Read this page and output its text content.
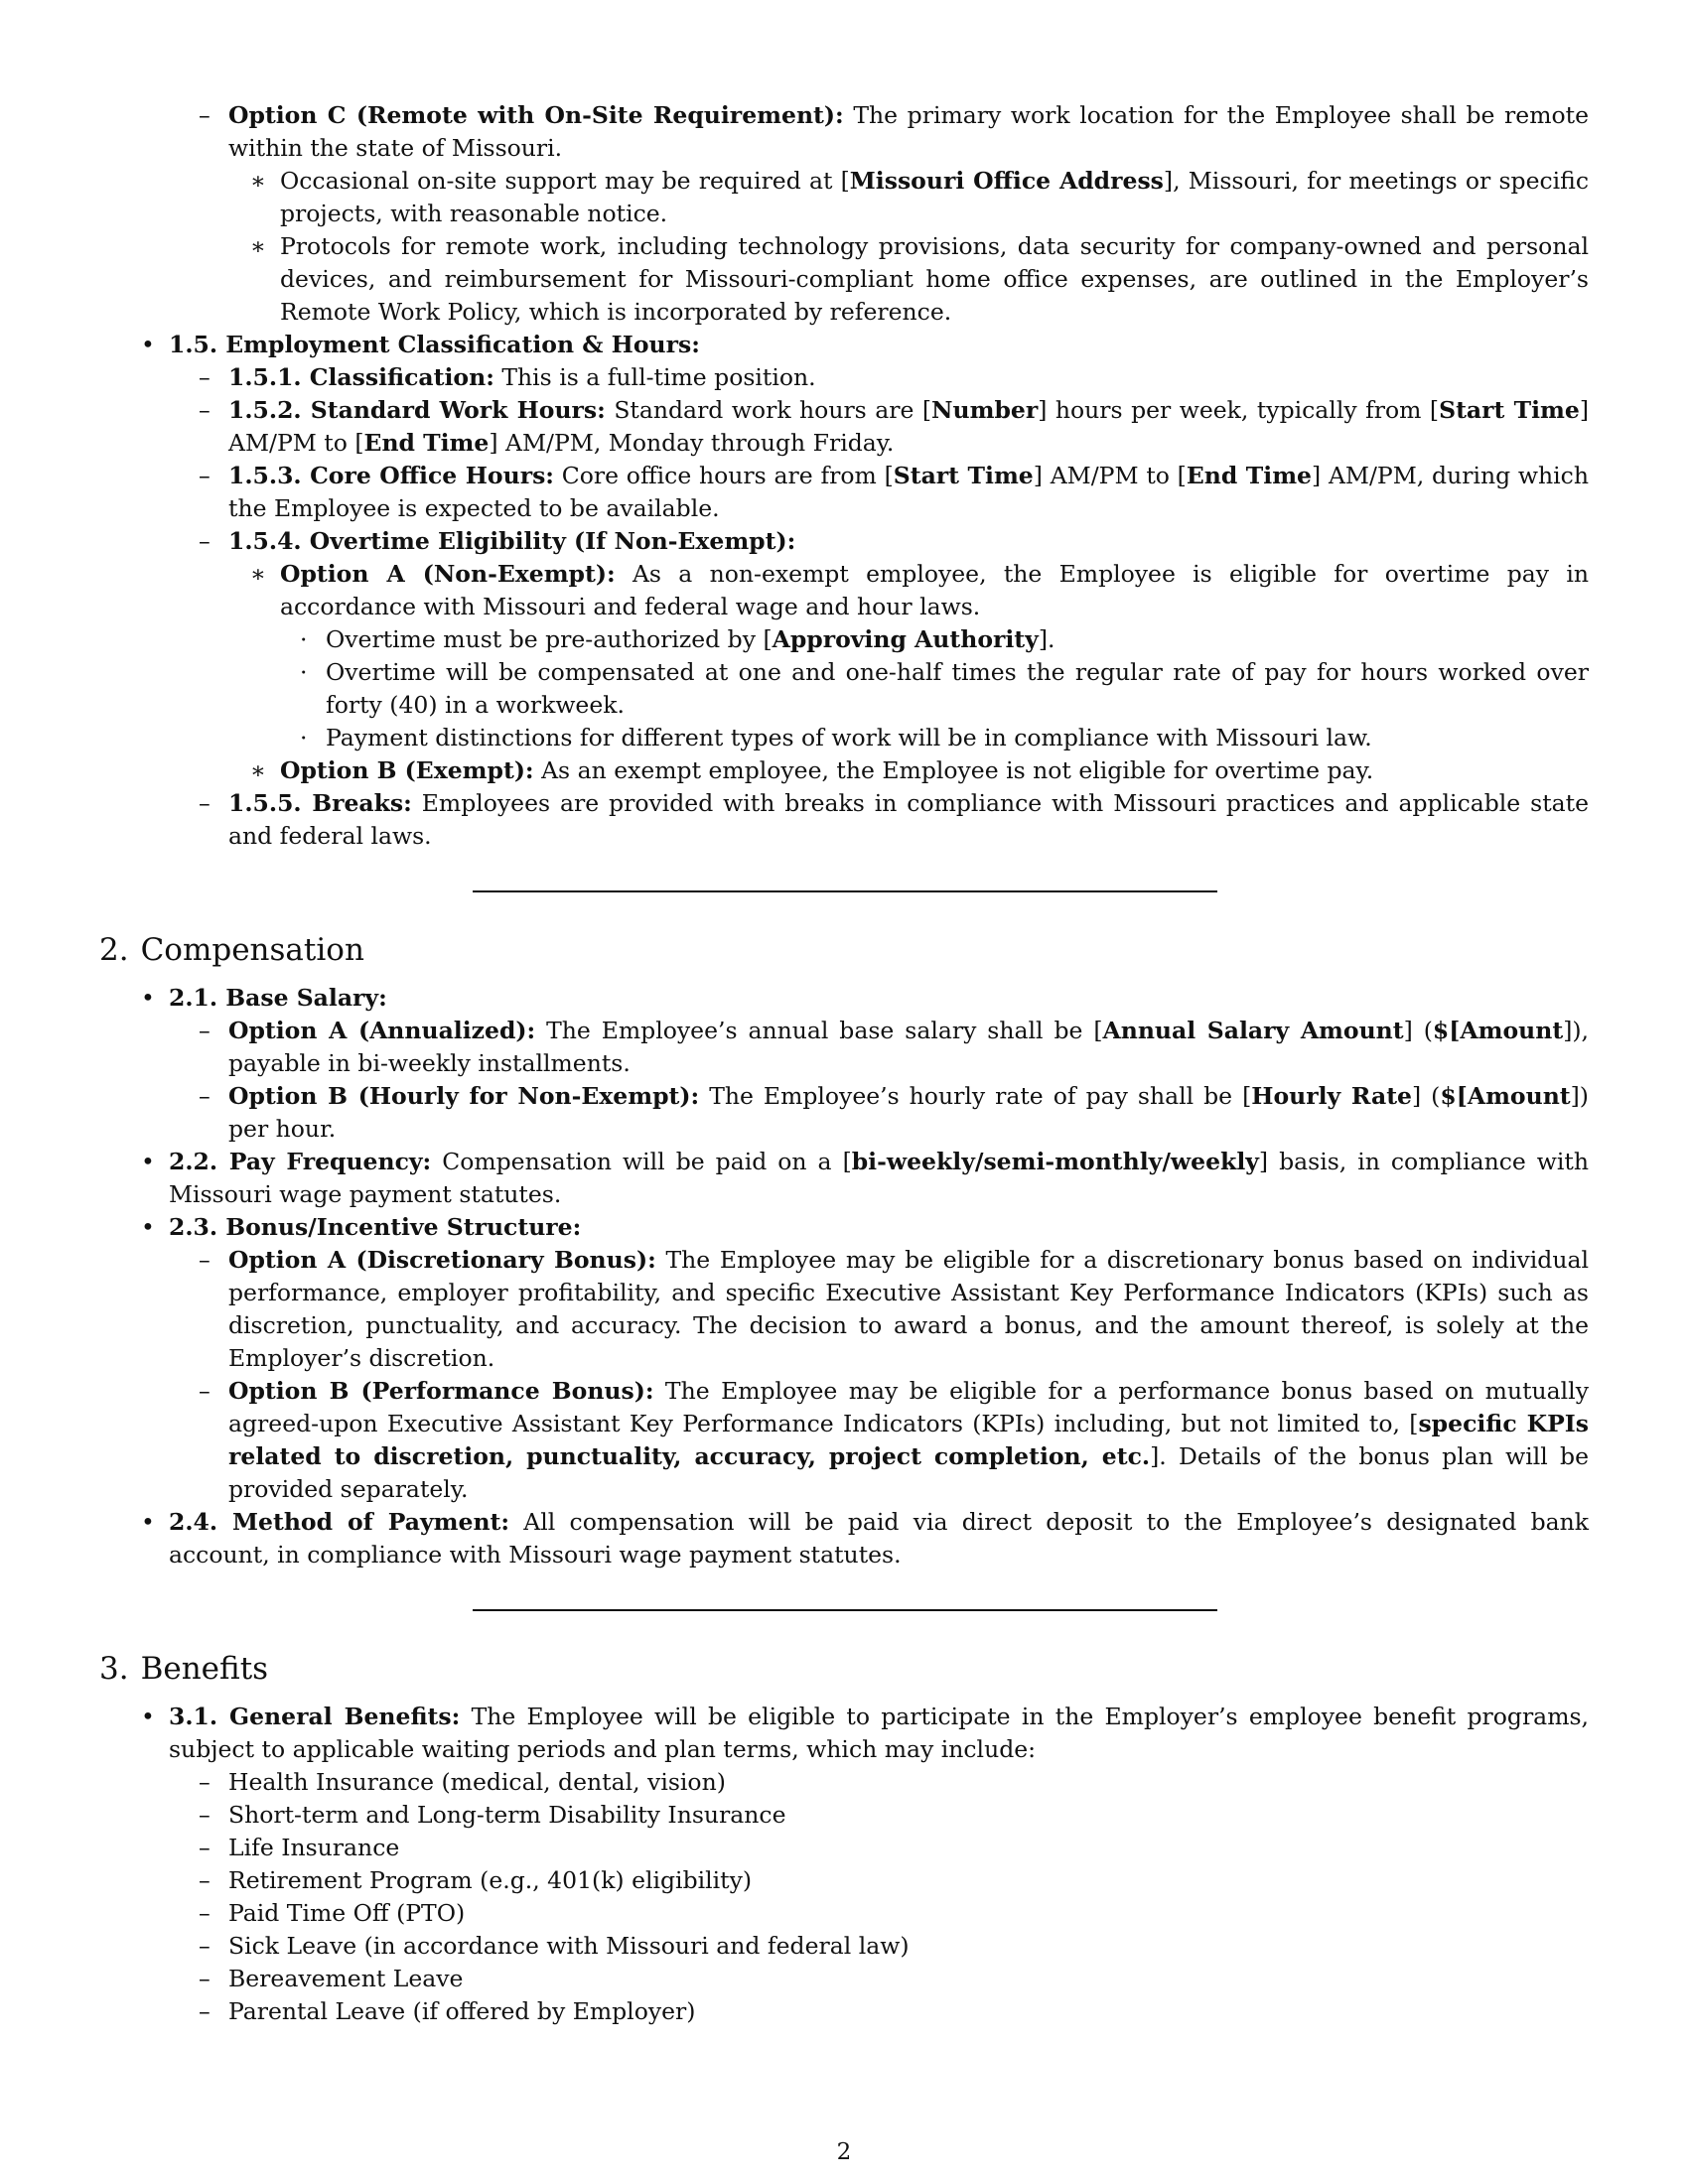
– Option C (Remote with On-Site Requirement): The primary work location for the Employee shall be remote within the state of Missouri.
∗ Occasional on-site support may be required at [Missouri Office Address], Missouri, for meetings or specific projects, with reasonable notice.
∗ Protocols for remote work, including technology provisions, data security for company-owned and personal devices, and reimbursement for Missouri-compliant home office expenses, are outlined in the Employer’s Remote Work Policy, which is incorporated by reference.
• 1.5. Employment Classification & Hours:
– 1.5.1. Classification: This is a full-time position.
– 1.5.2. Standard Work Hours: Standard work hours are [Number] hours per week, typically from [Start Time] AM/PM to [End Time] AM/PM, Monday through Friday.
– 1.5.3. Core Office Hours: Core office hours are from [Start Time] AM/PM to [End Time] AM/PM, during which the Employee is expected to be available.
– 1.5.4. Overtime Eligibility (If Non-Exempt):
∗ Option A (Non-Exempt): As a non-exempt employee, the Employee is eligible for overtime pay in accordance with Missouri and federal wage and hour laws.
· Overtime must be pre-authorized by [Approving Authority].
· Overtime will be compensated at one and one-half times the regular rate of pay for hours worked over forty (40) in a workweek.
· Payment distinctions for different types of work will be in compliance with Missouri law.
∗ Option B (Exempt): As an exempt employee, the Employee is not eligible for overtime pay.
– 1.5.5. Breaks: Employees are provided with breaks in compliance with Missouri practices and applicable state and federal laws.
2. Compensation
• 2.1. Base Salary:
– Option A (Annualized): The Employee’s annual base salary shall be [Annual Salary Amount] ($[Amount]), payable in bi-weekly installments.
– Option B (Hourly for Non-Exempt): The Employee’s hourly rate of pay shall be [Hourly Rate] ($[Amount]) per hour.
• 2.2. Pay Frequency: Compensation will be paid on a [bi-weekly/semi-monthly/weekly] basis, in compliance with Missouri wage payment statutes.
• 2.3. Bonus/Incentive Structure:
– Option A (Discretionary Bonus): The Employee may be eligible for a discretionary bonus based on individual performance, employer profitability, and specific Executive Assistant Key Performance Indicators (KPIs) such as discretion, punctuality, and accuracy. The decision to award a bonus, and the amount thereof, is solely at the Employer’s discretion.
– Option B (Performance Bonus): The Employee may be eligible for a performance bonus based on mutually agreed-upon Executive Assistant Key Performance Indicators (KPIs) including, but not limited to, [specific KPIs related to discretion, punctuality, accuracy, project completion, etc.]. Details of the bonus plan will be provided separately.
• 2.4. Method of Payment: All compensation will be paid via direct deposit to the Employee’s designated bank account, in compliance with Missouri wage payment statutes.
3. Benefits
• 3.1. General Benefits: The Employee will be eligible to participate in the Employer’s employee benefit programs, subject to applicable waiting periods and plan terms, which may include:
– Health Insurance (medical, dental, vision)
– Short-term and Long-term Disability Insurance
– Life Insurance
– Retirement Program (e.g., 401(k) eligibility)
– Paid Time Off (PTO)
– Sick Leave (in accordance with Missouri and federal law)
– Bereavement Leave
– Parental Leave (if offered by Employer)
2
